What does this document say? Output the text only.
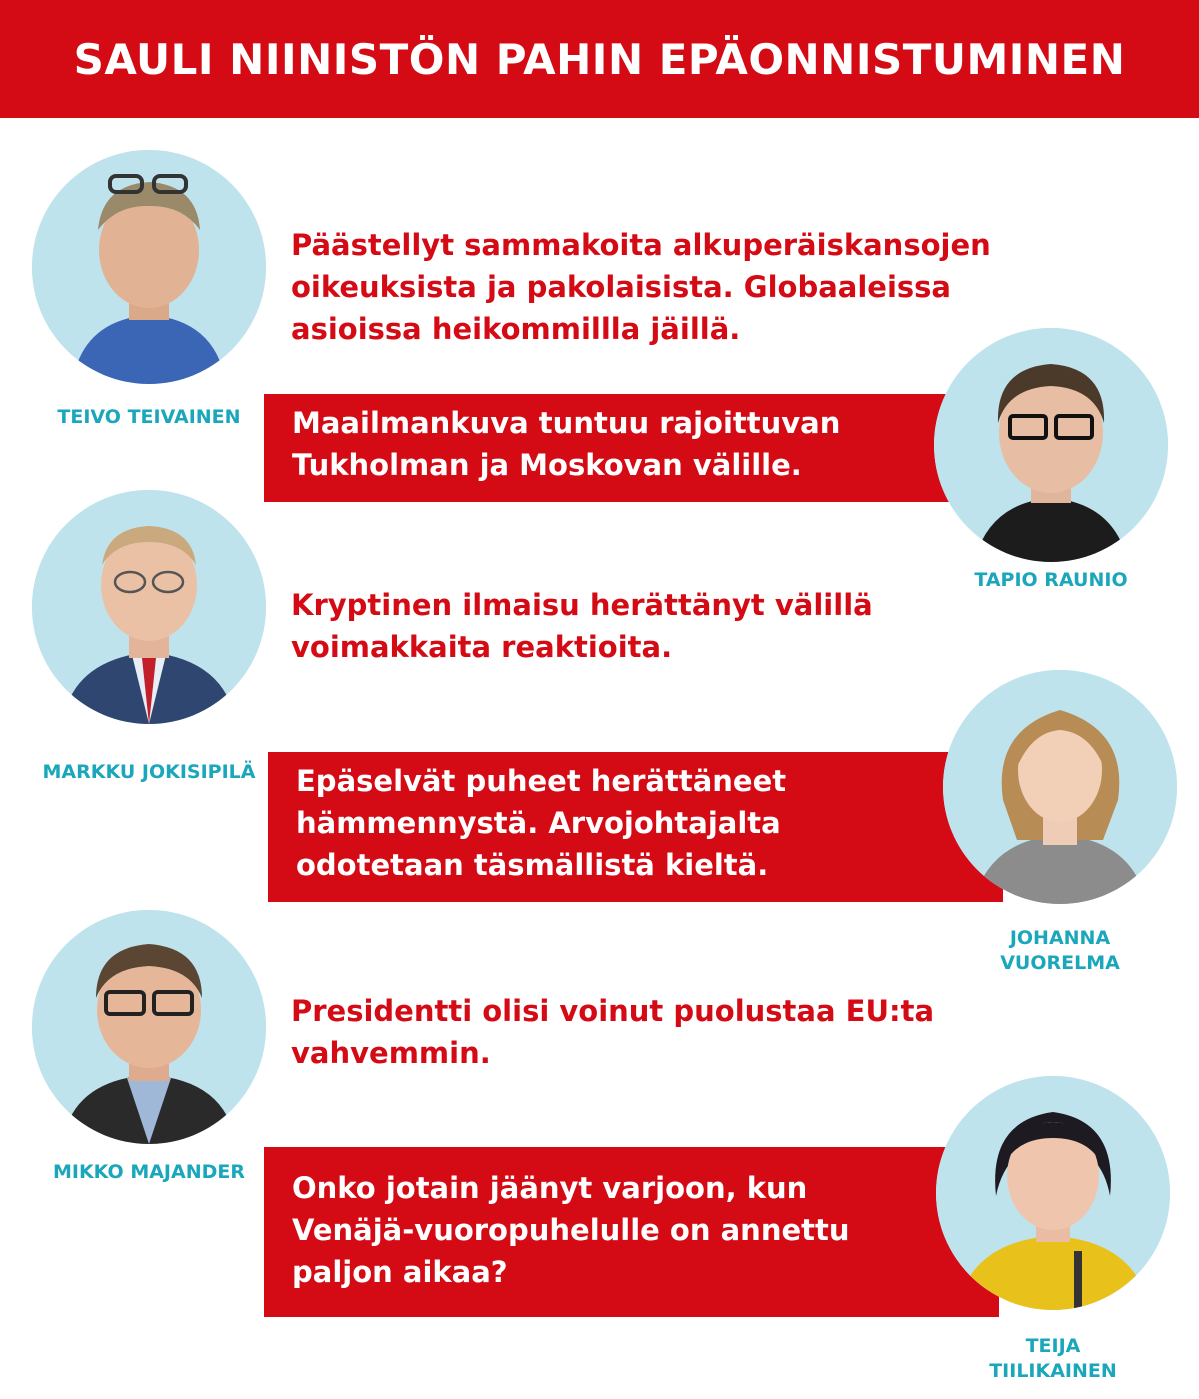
SAULI NIINISTÖN PAHIN EPÄONNISTUMINEN
TEIVO TEIVAINEN

Päästellyt sammakoita alkuperäiskansojen oikeuksista ja pakolaisista. Globaaleissa asioissa heikommillla jäillä.

Maailmankuva tuntuu rajoittuvan Tukholman ja Moskovan välille.
TAPIO RAUNIO
MARKKU JOKISIPILÄ

Kryptinen ilmaisu herättänyt välillä voimakkaita reaktioita.

Epäselvät puheet herättäneet hämmennystä. Arvojohtajalta odotetaan täsmällistä kieltä.
JOHANNA
VUORELMA
MIKKO MAJANDER

Presidentti olisi voinut puolustaa EU:ta vahvemmin.

Onko jotain jäänyt varjoon, kun Venäjä-vuoropuhelulle on annettu paljon aikaa?
TEIJA
TIILIKAINEN
